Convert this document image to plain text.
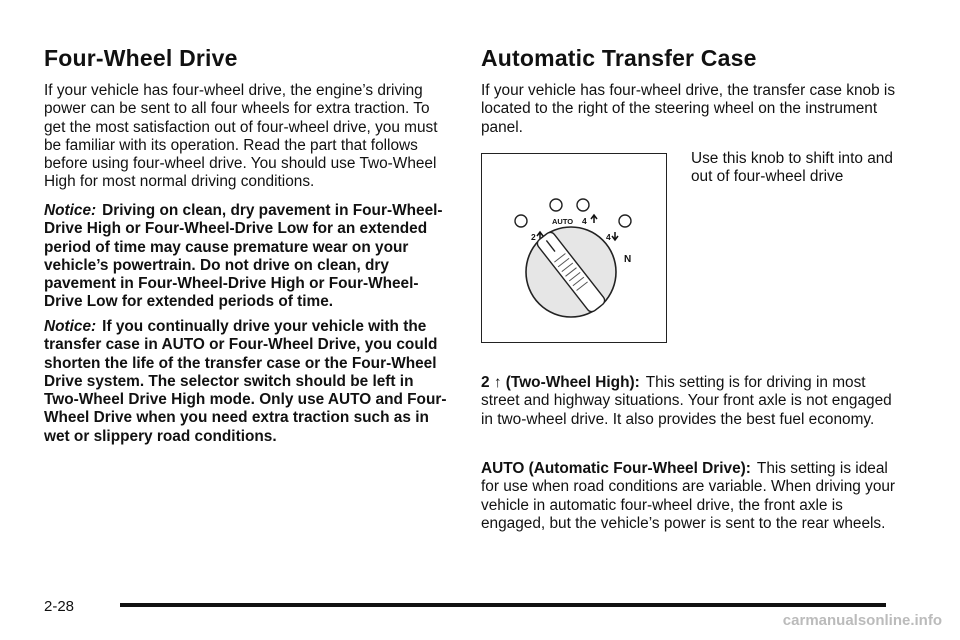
Four-Wheel Drive

If your vehicle has four-wheel drive, the engine’s driving power can be sent to all four wheels for extra traction. To get the most satisfaction out of four-wheel drive, you must be familiar with its operation. Read the part that follows before using four-wheel drive. You should use Two-Wheel High for most normal driving conditions.

Notice: Driving on clean, dry pavement in Four-Wheel-Drive High or Four-Wheel-Drive Low for an extended period of time may cause premature wear on your vehicle’s powertrain. Do not drive on clean, dry pavement in Four-Wheel-Drive High or Four-Wheel-Drive Low for extended periods of time.

Notice: If you continually drive your vehicle with the transfer case in AUTO or Four-Wheel Drive, you could shorten the life of the transfer case or the Four-Wheel Drive system. The selector switch should be left in Two-Wheel Drive High mode. Only use AUTO and Four-Wheel Drive when you need extra traction such as in wet or slippery road conditions.

Automatic Transfer Case

If your vehicle has four-wheel drive, the transfer case knob is located to the right of the steering wheel on the instrument panel.

AUTO 4
2	4
N

Use this knob to shift into and out of four-wheel drive

2 ↑ (Two-Wheel High): This setting is for driving in most street and highway situations. Your front axle is not engaged in two-wheel drive. It also provides the best fuel economy.

AUTO (Automatic Four-Wheel Drive): This setting is ideal for use when road conditions are variable. When driving your vehicle in automatic four-wheel drive, the front axle is engaged, but the vehicle’s power is sent to the rear wheels.

2-28
carmanualsonline.info
